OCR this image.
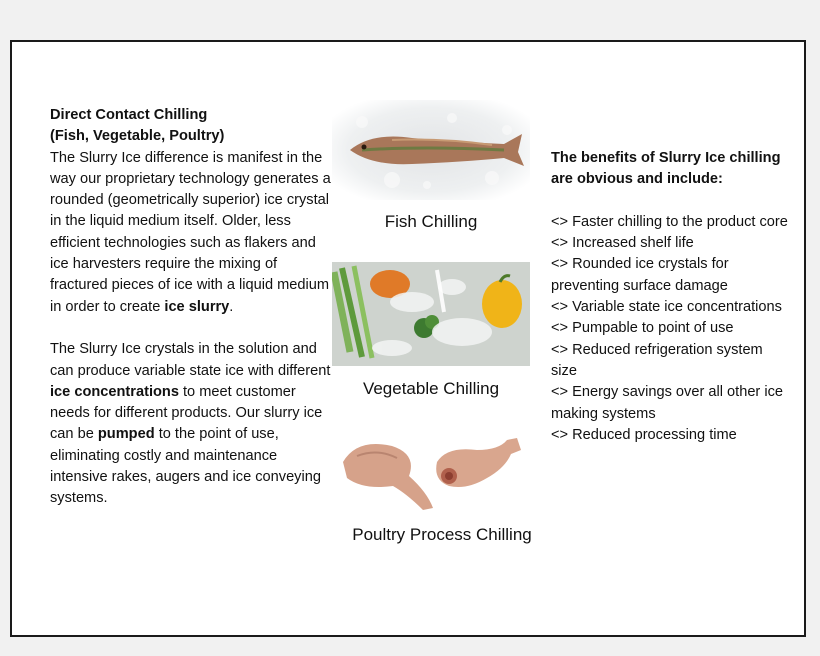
Direct Contact Chilling

(Fish, Vegetable, Poultry)

The Slurry Ice difference is manifest in the way our proprietary technology generates a rounded (geometrically superior) ice crystal in the liquid medium itself. Older, less efficient technologies such as flakers and ice harvesters require the mixing of fractured pieces of ice with a liquid medium in order to create ice slurry.

The Slurry Ice crystals in the solution and can produce variable state ice with different ice concentrations to meet customer needs for different products. Our slurry ice can be pumped to the point of use, eliminating costly and maintenance intensive rakes, augers and ice conveying systems.

Fish Chilling
Vegetable Chilling
Poultry Process Chilling

The benefits of Slurry Ice chilling are obvious and include:

<> Faster chilling to the product core

<> Increased shelf life

<> Rounded ice crystals for preventing surface damage

<> Variable state ice concentrations

<> Pumpable to point of use

<> Reduced refrigeration system size

<> Energy savings over all other ice making systems

<> Reduced processing time
